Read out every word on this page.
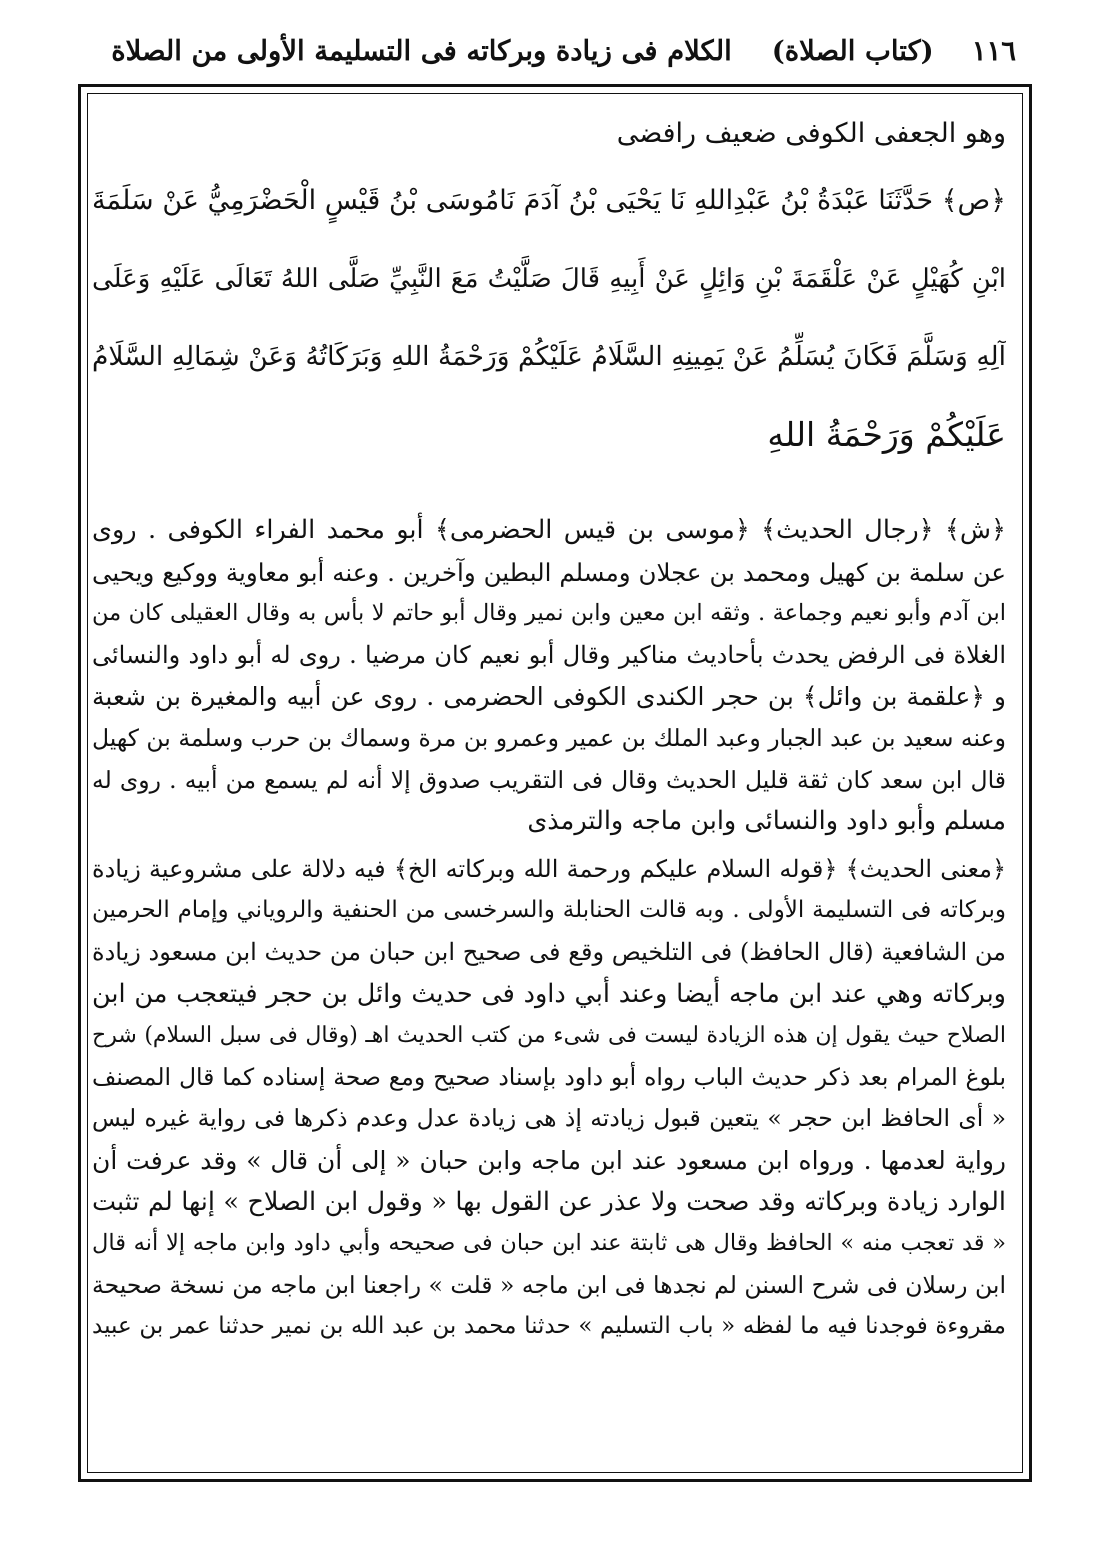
١١٦
(كتاب الصلاة)
الكلام فى زيادة وبركاته فى التسليمة الأولى من الصلاة
وهو الجعفى الكوفى ضعيف رافضى
﴿ص﴾ حَدَّثَنَا عَبْدَةُ بْنُ عَبْدِاللهِ نَا يَحْيَى بْنُ آدَمَ نَامُوسَى بْنُ قَيْسٍ الْحَضْرَمِيُّ عَنْ سَلَمَةَ
ابْنِ كُهَيْلٍ عَنْ عَلْقَمَةَ بْنِ وَائِلٍ عَنْ أَبِيهِ قَالَ صَلَّيْتُ مَعَ النَّبِيِّ صَلَّى اللهُ تَعَالَى عَلَيْهِ وَعَلَى
آلِهِ وَسَلَّمَ فَكَانَ يُسَلِّمُ عَنْ يَمِينِهِ السَّلَامُ عَلَيْكُمْ وَرَحْمَةُ اللهِ وَبَرَكَاتُهُ وَعَنْ شِمَالِهِ السَّلَامُ
عَلَيْكُمْ وَرَحْمَةُ اللهِ
﴿ش﴾ ﴿رجال الحديث﴾ ﴿موسى بن قيس الحضرمى﴾ أبو محمد الفراء الكوفى . روى
عن سلمة بن كهيل ومحمد بن عجلان ومسلم البطين وآخرين . وعنه أبو معاوية ووكيع ويحيى
ابن آدم وأبو نعيم وجماعة . وثقه ابن معين وابن نمير وقال أبو حاتم لا بأس به وقال العقيلى كان من
الغلاة فى الرفض يحدث بأحاديث مناكير وقال أبو نعيم كان مرضيا . روى له أبو داود والنسائى
و ﴿علقمة بن وائل﴾ بن حجر الكندى الكوفى الحضرمى . روى عن أبيه والمغيرة بن شعبة
وعنه سعيد بن عبد الجبار وعبد الملك بن عمير وعمرو بن مرة وسماك بن حرب وسلمة بن كهيل
قال ابن سعد كان ثقة قليل الحديث وقال فى التقريب صدوق إلا أنه لم يسمع من أبيه . روى له
مسلم وأبو داود والنسائى وابن ماجه والترمذى
﴿معنى الحديث﴾ ﴿قوله السلام عليكم ورحمة الله وبركاته الخ﴾ فيه دلالة على مشروعية زيادة
وبركاته فى التسليمة الأولى . وبه قالت الحنابلة والسرخسى من الحنفية والروياني وإمام الحرمين
من الشافعية (قال الحافظ) فى التلخيص وقع فى صحيح ابن حبان من حديث ابن مسعود زيادة
وبركاته وهي عند ابن ماجه أيضا وعند أبي داود فى حديث وائل بن حجر فيتعجب من ابن
الصلاح حيث يقول إن هذه الزيادة ليست فى شىء من كتب الحديث اهـ (وقال فى سبل السلام) شرح
بلوغ المرام بعد ذكر حديث الباب رواه أبو داود بإسناد صحيح ومع صحة إسناده كما قال المصنف
« أى الحافظ ابن حجر » يتعين قبول زيادته إذ هى زيادة عدل وعدم ذكرها فى رواية غيره ليس
رواية لعدمها . ورواه ابن مسعود عند ابن ماجه وابن حبان « إلى أن قال » وقد عرفت أن
الوارد زيادة وبركاته وقد صحت ولا عذر عن القول بها « وقول ابن الصلاح » إنها لم تثبت
« قد تعجب منه » الحافظ وقال هى ثابتة عند ابن حبان فى صحيحه وأبي داود وابن ماجه إلا أنه قال
ابن رسلان فى شرح السنن لم نجدها فى ابن ماجه « قلت » راجعنا ابن ماجه من نسخة صحيحة
مقروءة فوجدنا فيه ما لفظه « باب التسليم » حدثنا محمد بن عبد الله بن نمير حدثنا عمر بن عبيد
